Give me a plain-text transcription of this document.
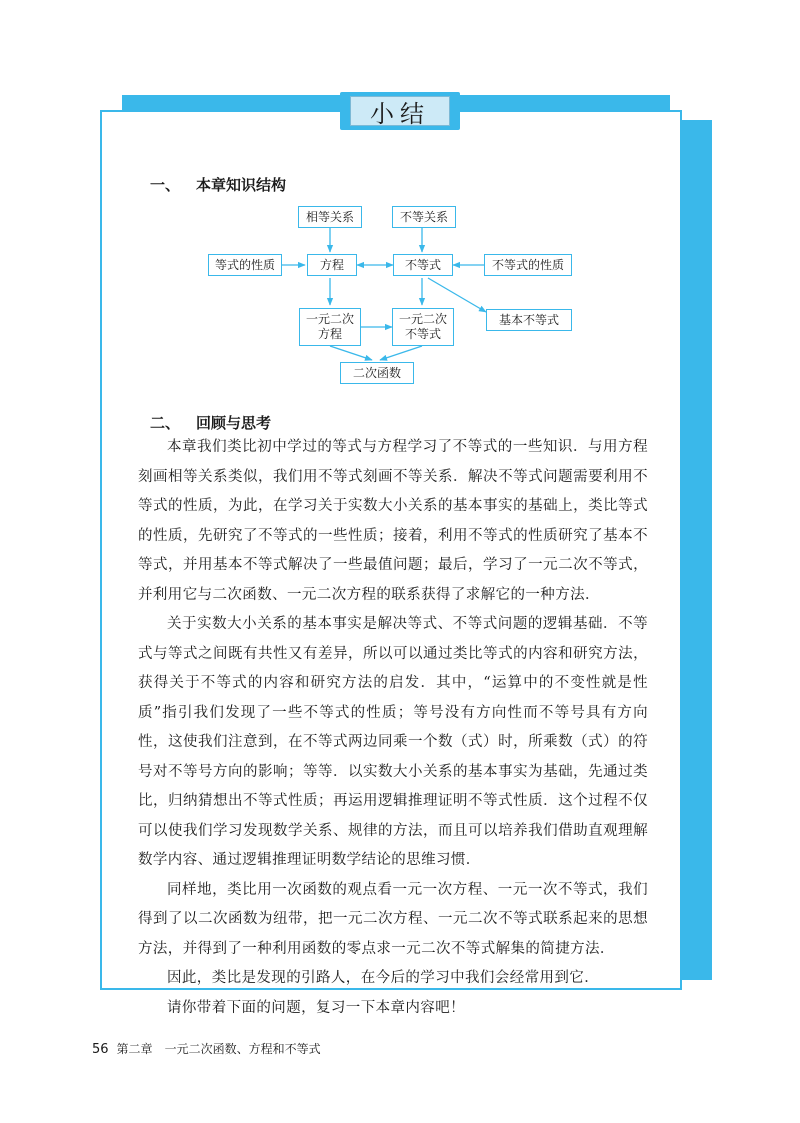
小结
一、 本章知识结构
相等关系	不等关系
等式的性质	方程	不等式	不等式的性质
一元二次
方程
一元二次
不等式
基本不等式
二次函数
二、 回顾与思考

本章我们类比初中学过的等式与方程学习了不等式的一些知识．与用方程刻画相等关系类似，我们用不等式刻画不等关系．解决不等式问题需要利用不等式的性质，为此，在学习关于实数大小关系的基本事实的基础上，类比等式的性质，先研究了不等式的一些性质；接着，利用不等式的性质研究了基本不等式，并用基本不等式解决了一些最值问题；最后，学习了一元二次不等式，并利用它与二次函数、一元二次方程的联系获得了求解它的一种方法．

关于实数大小关系的基本事实是解决等式、不等式问题的逻辑基础．不等式与等式之间既有共性又有差异，所以可以通过类比等式的内容和研究方法，获得关于不等式的内容和研究方法的启发．其中，“运算中的不变性就是性质”指引我们发现了一些不等式的性质；等号没有方向性而不等号具有方向性，这使我们注意到，在不等式两边同乘一个数（式）时，所乘数（式）的符号对不等号方向的影响；等等．以实数大小关系的基本事实为基础，先通过类比，归纳猜想出不等式性质；再运用逻辑推理证明不等式性质．这个过程不仅可以使我们学习发现数学关系、规律的方法，而且可以培养我们借助直观理解数学内容、通过逻辑推理证明数学结论的思维习惯．

同样地，类比用一次函数的观点看一元一次方程、一元一次不等式，我们得到了以二次函数为纽带，把一元二次方程、一元二次不等式联系起来的思想方法，并得到了一种利用函数的零点求一元二次不等式解集的简捷方法．

因此，类比是发现的引路人，在今后的学习中我们会经常用到它．

请你带着下面的问题，复习一下本章内容吧！

56 第二章 一元二次函数、方程和不等式
